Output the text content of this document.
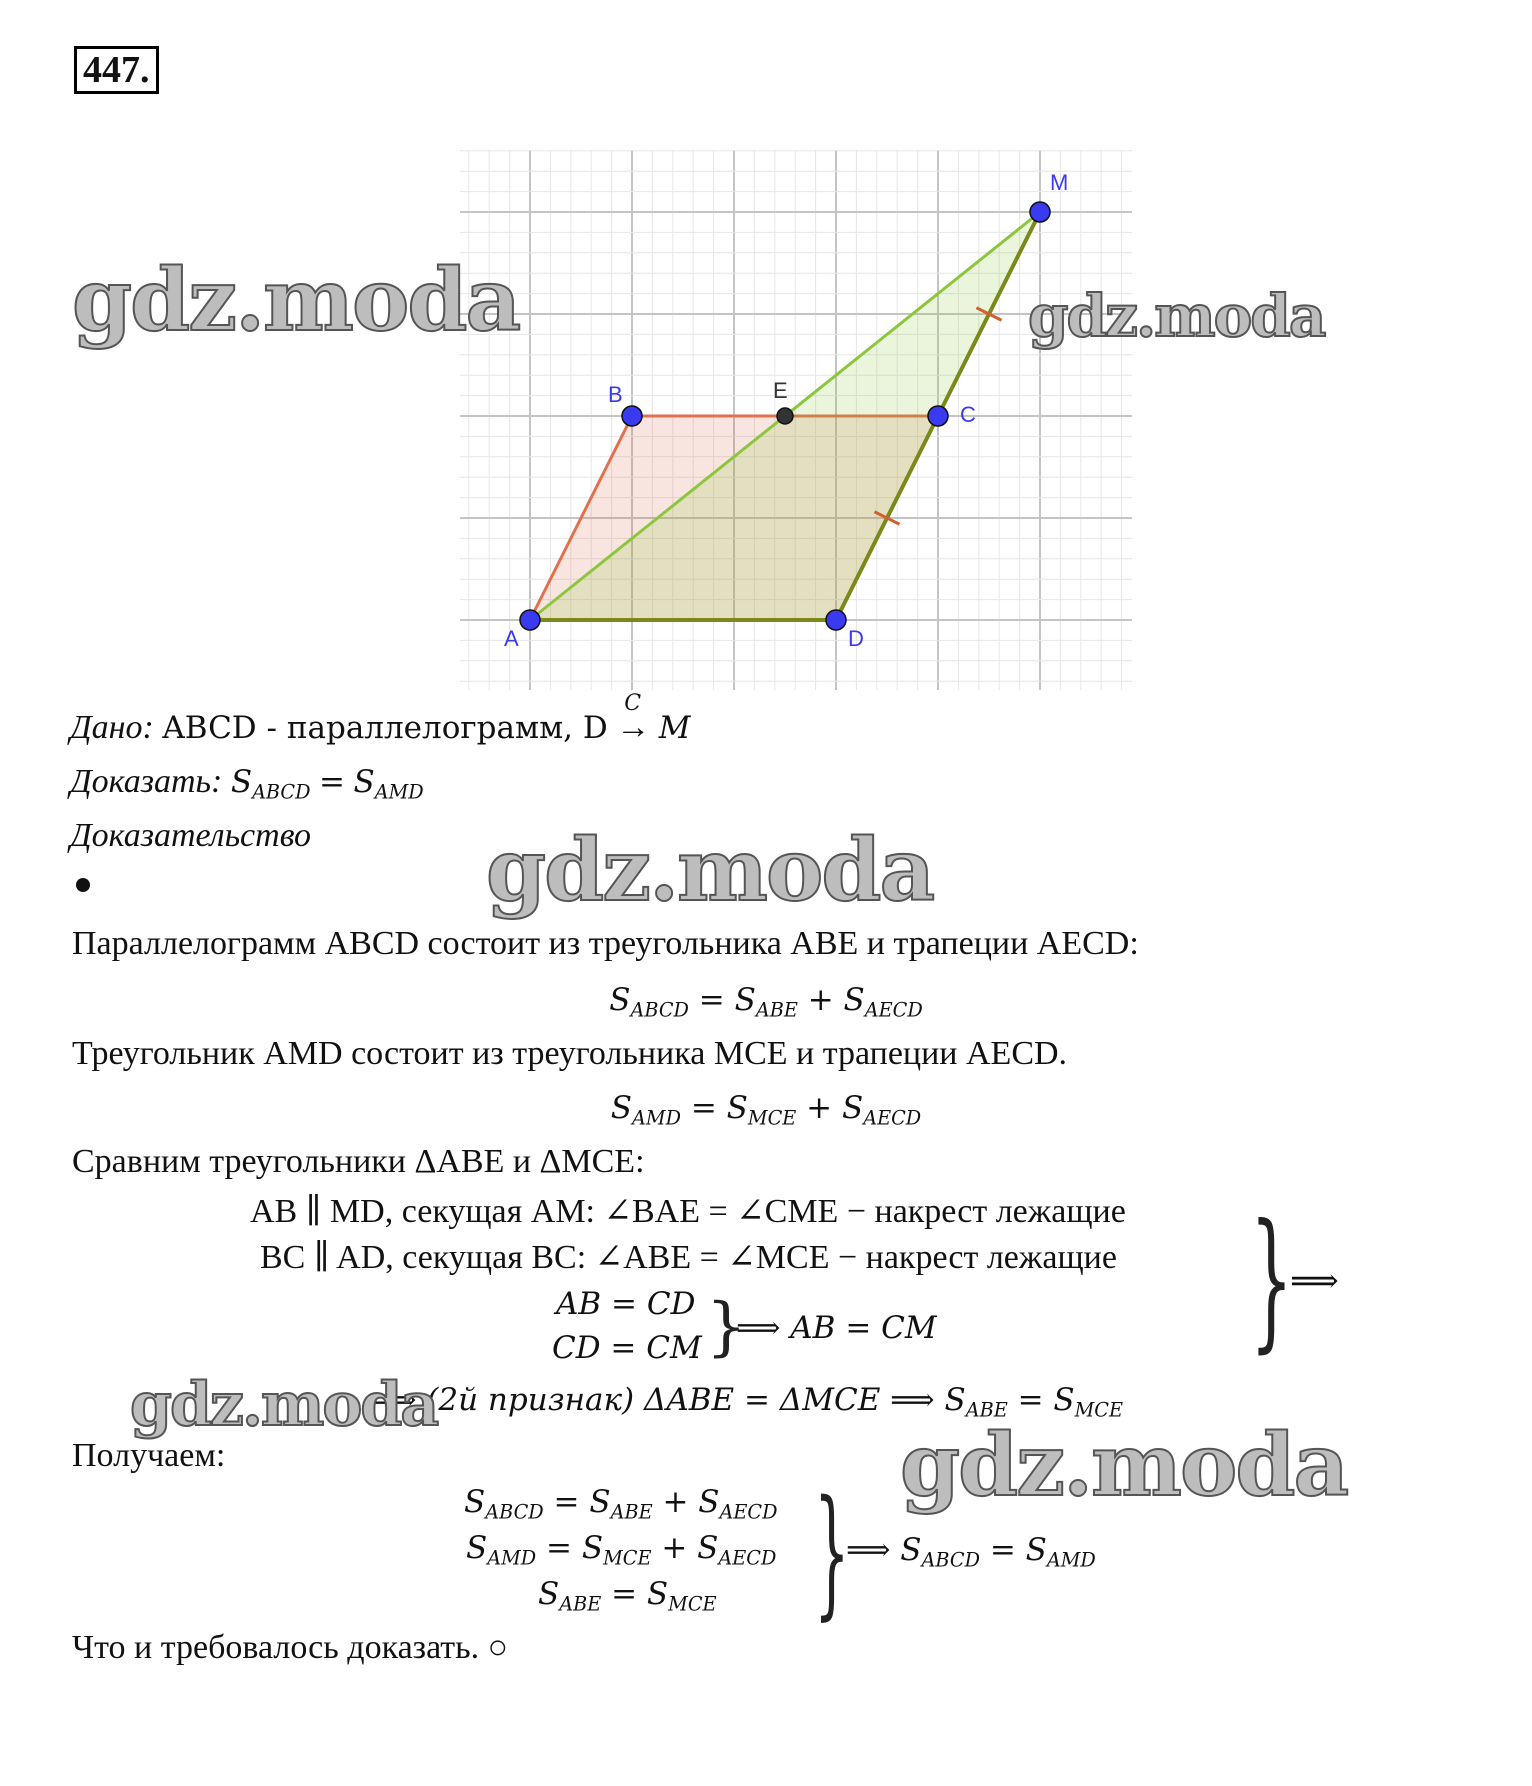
447.
A
B
C
D
E
M
Дано: ABCD - параллелограмм, D
C
→ M
Доказать: $S_{ABCD} = S_{AMD}$
Доказательство
Параллелограмм ABCD состоит из треугольника ABE и трапеции AECD:
$S_{ABCD} = S_{ABE} + S_{AECD}$
Треугольник AMD состоит из треугольника MCE и трапеции AECD.
$S_{AMD} = S_{MCE} + S_{AECD}$
Сравним треугольники ΔABE и ΔMCE:
AB ∥ MD, секущая AM: ∠BAE = ∠CME − накрест лежащие
BC ∥ AD, секущая BC: ∠ABE = ∠MCE − накрест лежащие
AB = CD
CD = CM }
⟹ AB = CM }
⟹
⟹ (2й признак) ΔABE = ΔMCE ⟹ $S_{ABE} = S_{MCE}$
Получаем:
$S_{ABCD} = S_{ABE} + S_{AECD}$
$S_{AMD} = S_{MCE} + S_{AECD}$
$S_{ABE} = S_{MCE}$ }
⟹ $S_{ABCD} = S_{AMD}$
Что и требовалось доказать. ○
gdz.moda	gdz.moda
gdz.moda
gdz.moda
gdz.moda
